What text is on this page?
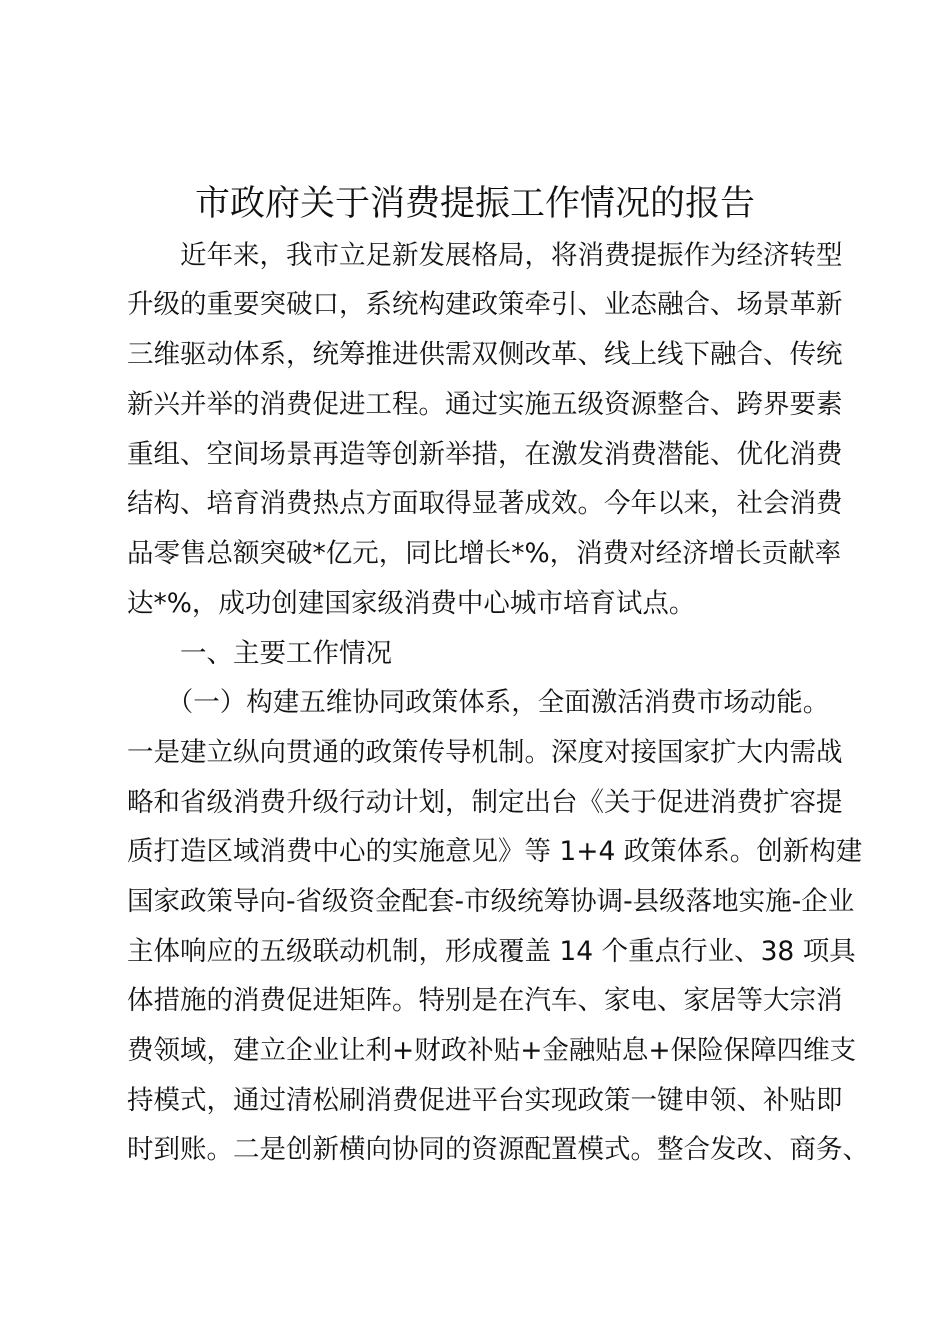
市政府关于消费提振工作情况的报告
　　近年来，我市立足新发展格局，将消费提振作为经济转型
升级的重要突破口，系统构建政策牵引、业态融合、场景革新
三维驱动体系，统筹推进供需双侧改革、线上线下融合、传统
新兴并举的消费促进工程。通过实施五级资源整合、跨界要素
重组、空间场景再造等创新举措，在激发消费潜能、优化消费
结构、培育消费热点方面取得显著成效。今年以来，社会消费
品零售总额突破*亿元，同比增长*%，消费对经济增长贡献率
达*%，成功创建国家级消费中心城市培育试点。
　　一、主要工作情况
　　（一）构建五维协同政策体系，全面激活消费市场动能。
一是建立纵向贯通的政策传导机制。深度对接国家扩大内需战
略和省级消费升级行动计划，制定出台《关于促进消费扩容提
质打造区域消费中心的实施意见》等 1+4 政策体系。创新构建
国家政策导向-省级资金配套-市级统筹协调-县级落地实施-企业
主体响应的五级联动机制，形成覆盖 14 个重点行业、38 项具
体措施的消费促进矩阵。特别是在汽车、家电、家居等大宗消
费领域，建立企业让利+财政补贴+金融贴息+保险保障四维支
持模式，通过清松刷消费促进平台实现政策一键申领、补贴即
时到账。二是创新横向协同的资源配置模式。整合发改、商务、
